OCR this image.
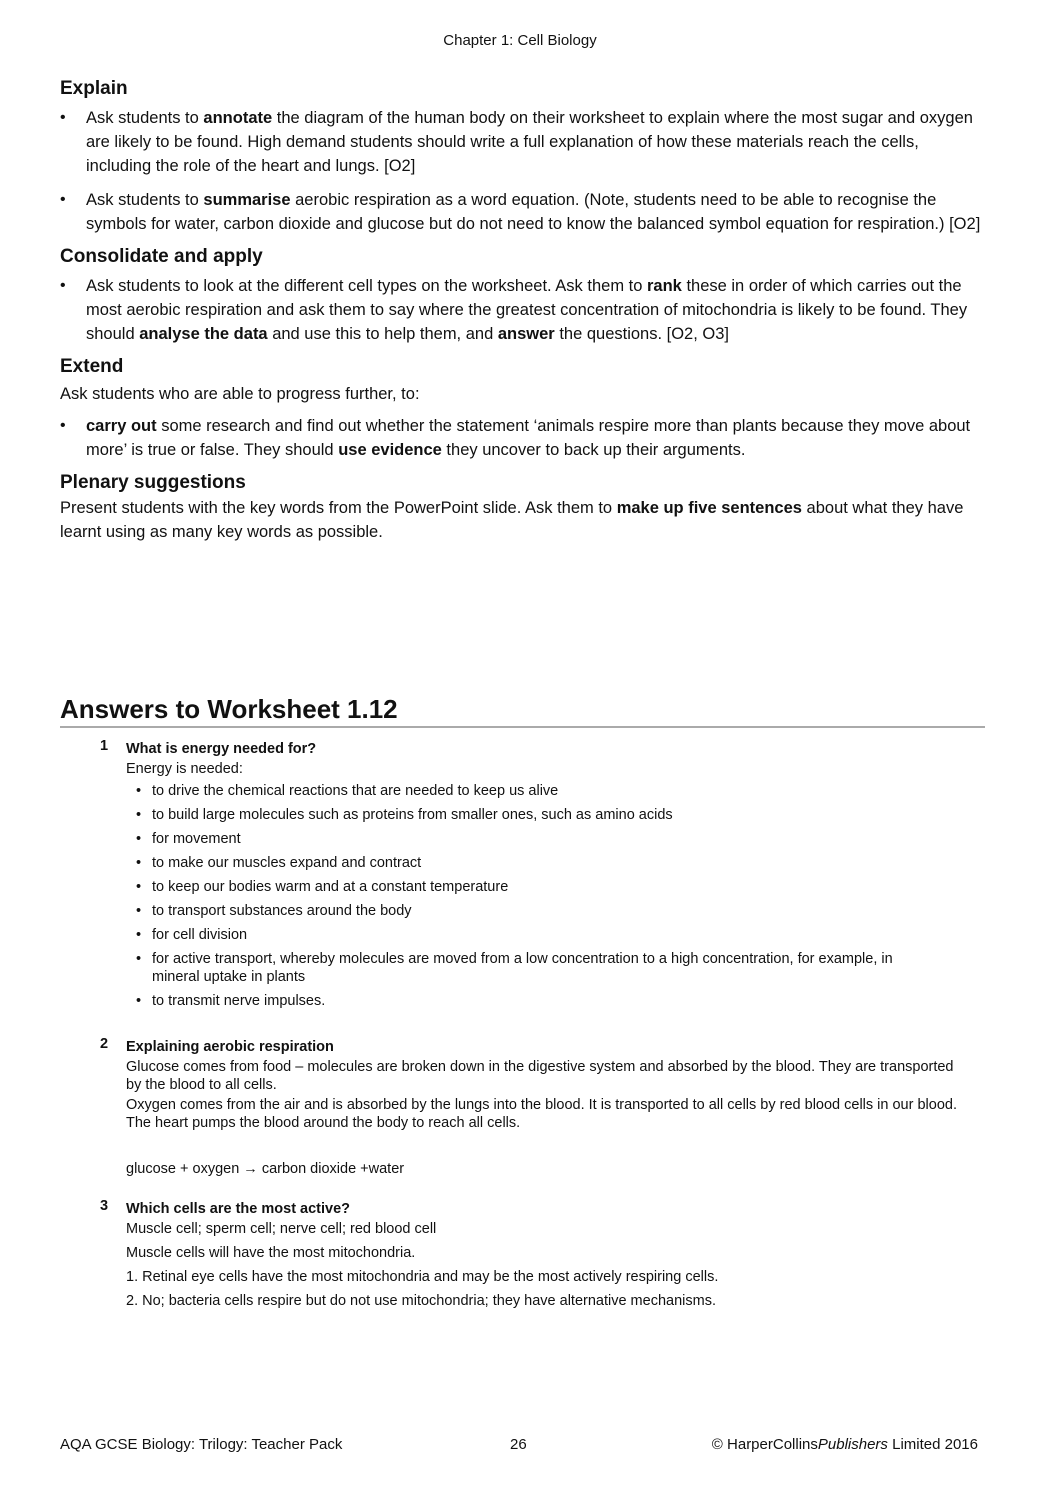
Chapter 1: Cell Biology
Explain
• Ask students to annotate the diagram of the human body on their worksheet to explain where the most sugar and oxygen are likely to be found. High demand students should write a full explanation of how these materials reach the cells, including the role of the heart and lungs. [O2]
• Ask students to summarise aerobic respiration as a word equation. (Note, students need to be able to recognise the symbols for water, carbon dioxide and glucose but do not need to know the balanced symbol equation for respiration.) [O2]
Consolidate and apply
• Ask students to look at the different cell types on the worksheet. Ask them to rank these in order of which carries out the most aerobic respiration and ask them to say where the greatest concentration of mitochondria is likely to be found. They should analyse the data and use this to help them, and answer the questions. [O2, O3]
Extend

Ask students who are able to progress further, to:

• carry out some research and find out whether the statement ‘animals respire more than plants because they move about more’ is true or false. They should use evidence they uncover to back up their arguments.
Plenary suggestions

Present students with the key words from the PowerPoint slide. Ask them to make up five sentences about what they have learnt using as many key words as possible.

Answers to Worksheet 1.12
1 What is energy needed for?
Energy is needed:
• to drive the chemical reactions that are needed to keep us alive
• to build large molecules such as proteins from smaller ones, such as amino acids
• for movement
• to make our muscles expand and contract
• to keep our bodies warm and at a constant temperature
• to transport substances around the body
• for cell division
• for active transport, whereby molecules are moved from a low concentration to a high concentration, for example, in mineral uptake in plants
• to transmit nerve impulses.
2 Explaining aerobic respiration
Glucose comes from food – molecules are broken down in the digestive system and absorbed by the blood. They are transported by the blood to all cells.
Oxygen comes from the air and is absorbed by the lungs into the blood. It is transported to all cells by red blood cells in our blood. The heart pumps the blood around the body to reach all cells.
glucose + oxygen → carbon dioxide +water
3 Which cells are the most active?
Muscle cell; sperm cell; nerve cell; red blood cell
Muscle cells will have the most mitochondria.
1. Retinal eye cells have the most mitochondria and may be the most actively respiring cells.
2. No; bacteria cells respire but do not use mitochondria; they have alternative mechanisms.
AQA GCSE Biology: Trilogy: Teacher Pack	26	© HarperCollinsPublishers Limited 2016
